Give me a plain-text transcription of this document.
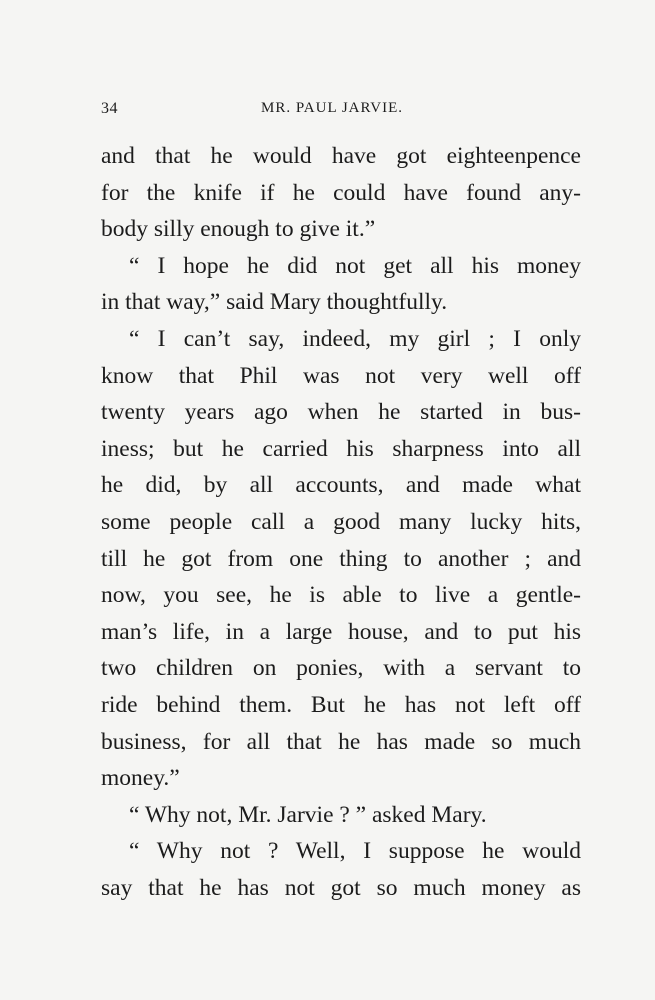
34	MR. PAUL JARVIE.
and that he would have got eighteenpence
for the knife if he could have found any-
body silly enough to give it.”
“ I hope he did not get all his money
in that way,” said Mary thoughtfully.
“ I can’t say, indeed, my girl ; I only
know that Phil was not very well off
twenty years ago when he started in bus-
iness; but he carried his sharpness into all
he did, by all accounts, and made what
some people call a good many lucky hits,
till he got from one thing to another ; and
now, you see, he is able to live a gentle-
man’s life, in a large house, and to put his
two children on ponies, with a servant to
ride behind them. But he has not left off
business, for all that he has made so much
money.”
“ Why not, Mr. Jarvie ? ” asked Mary.
“ Why not ? Well, I suppose he would
say that he has not got so much money as
